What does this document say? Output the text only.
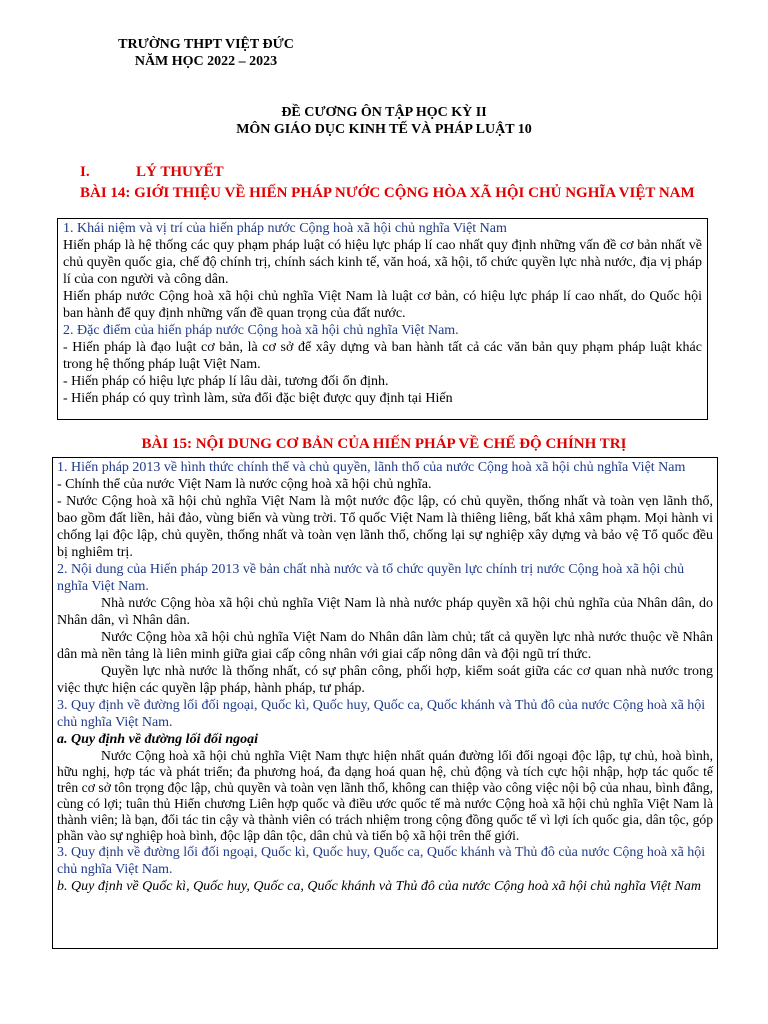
TRƯỜNG THPT VIỆT ĐỨC
NĂM HỌC 2022 – 2023
ĐỀ CƯƠNG ÔN TẬP HỌC KỲ II
MÔN GIÁO DỤC KINH TẾ VÀ PHÁP LUẬT 10
I.	LÝ THUYẾT
BÀI 14: GIỚI THIỆU VỀ HIẾN PHÁP NƯỚC CỘNG HÒA XÃ HỘI CHỦ NGHĨA VIỆT NAM
1. Khái niệm và vị trí của hiến pháp nước Cộng hoà xã hội chủ nghĩa Việt Nam
Hiến pháp là hệ thống các quy phạm pháp luật có hiệu lực pháp lí cao nhất quy định những vấn đề cơ bản nhất về chủ quyền quốc gia, chế độ chính trị, chính sách kinh tế, văn hoá, xã hội, tổ chức quyền lực nhà nước, địa vị pháp lí của con người và công dân.
Hiến pháp nước Cộng hoà xã hội chủ nghĩa Việt Nam là luật cơ bản, có hiệu lực pháp lí cao nhất, do Quốc hội ban hành để quy định những vấn đề quan trọng của đất nước.
2. Đặc điểm của hiến pháp nước Cộng hoà xã hội chủ nghĩa Việt Nam.
- Hiến pháp là đạo luật cơ bản, là cơ sở để xây dựng và ban hành tất cả các văn bản quy phạm pháp luật khác trong hệ thống pháp luật Việt Nam.
- Hiến pháp có hiệu lực pháp lí lâu dài, tương đối ổn định.
- Hiến pháp có quy trình làm, sửa đổi đặc biệt được quy định tại Hiến
BÀI 15: NỘI DUNG CƠ BẢN CỦA HIẾN PHÁP VỀ CHẾ ĐỘ CHÍNH TRỊ
1. Hiến pháp 2013 về hình thức chính thể và chủ quyền, lãnh thổ của nước Cộng hoà xã hội chủ nghĩa Việt Nam
- Chính thể của nước Việt Nam là nước cộng hoà xã hội chủ nghĩa.
- Nước Cộng hoà xã hội chủ nghĩa Việt Nam là một nước độc lập, có chủ quyền, thống nhất và toàn vẹn lãnh thổ, bao gồm đất liền, hải đảo, vùng biển và vùng trời. Tổ quốc Việt Nam là thiêng liêng, bất khả xâm phạm. Mọi hành vi chống lại độc lập, chủ quyền, thống nhất và toàn vẹn lãnh thổ, chống lại sự nghiệp xây dựng và bảo vệ Tổ quốc đều bị nghiêm trị.
2. Nội dung của Hiến pháp 2013 về bản chất nhà nước và tổ chức quyền lực chính trị nước Cộng hoà xã hội chủ nghĩa Việt Nam.
Nhà nước Cộng hòa xã hội chủ nghĩa Việt Nam là nhà nước pháp quyền xã hội chủ nghĩa của Nhân dân, do Nhân dân, vì Nhân dân.
Nước Cộng hòa xã hội chủ nghĩa Việt Nam do Nhân dân làm chủ; tất cả quyền lực nhà nước thuộc về Nhân dân mà nền tảng là liên minh giữa giai cấp công nhân với giai cấp nông dân và đội ngũ trí thức.
Quyền lực nhà nước là thống nhất, có sự phân công, phối hợp, kiểm soát giữa các cơ quan nhà nước trong việc thực hiện các quyền lập pháp, hành pháp, tư pháp.
3. Quy định về đường lối đối ngoại, Quốc kì, Quốc huy, Quốc ca, Quốc khánh và Thủ đô của nước Cộng hoà xã hội chủ nghĩa Việt Nam.
a. Quy định về đường lối đối ngoại
Nước Cộng hoà xã hội chủ nghĩa Việt Nam thực hiện nhất quán đường lối đối ngoại độc lập, tự chủ, hoà bình, hữu nghị, hợp tác và phát triển; đa phương hoá, đa dạng hoá quan hệ, chủ động và tích cực hội nhập, hợp tác quốc tế trên cơ sở tôn trọng độc lập, chủ quyền và toàn vẹn lãnh thổ, không can thiệp vào công việc nội bộ của nhau, bình đẳng, cùng có lợi; tuân thủ Hiến chương Liên hợp quốc và điều ước quốc tế mà nước Cộng hoà xã hội chủ nghĩa Việt Nam là thành viên; là bạn, đối tác tin cậy và thành viên có trách nhiệm trong cộng đồng quốc tế vì lợi ích quốc gia, dân tộc, góp phần vào sự nghiệp hoà bình, độc lập dân tộc, dân chủ và tiến bộ xã hội trên thế giới.
3. Quy định về đường lối đối ngoại, Quốc kì, Quốc huy, Quốc ca, Quốc khánh và Thủ đô của nước Cộng hoà xã hội chủ nghĩa Việt Nam.
b. Quy định về Quốc kì, Quốc huy, Quốc ca, Quốc khánh và Thủ đô của nước Cộng hoà xã hội chủ nghĩa Việt Nam
